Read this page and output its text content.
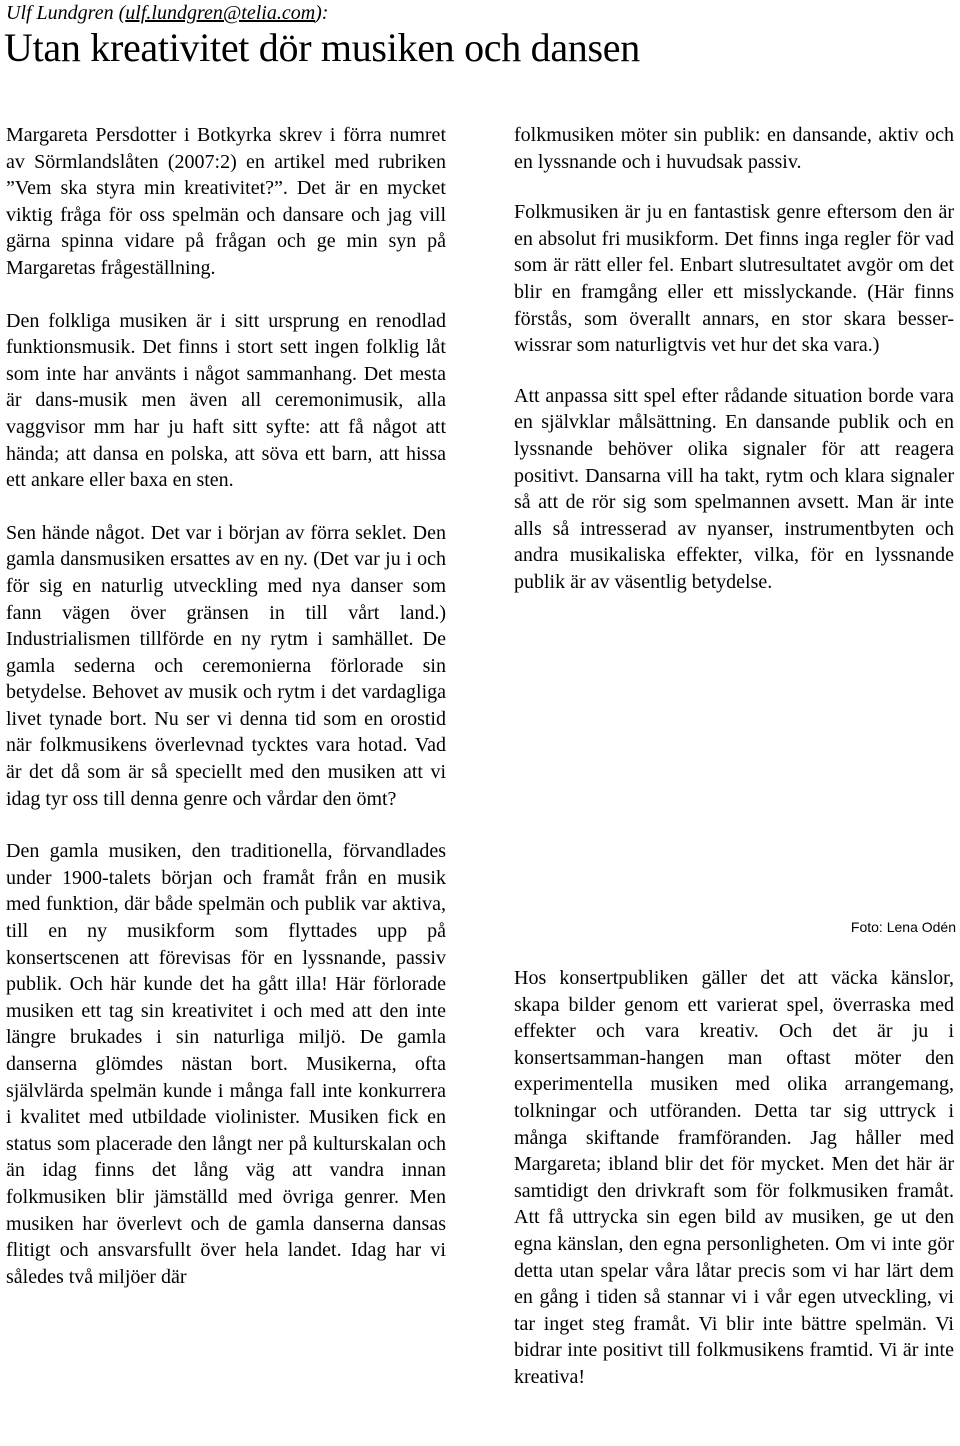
Ulf Lundgren (ulf.lundgren@telia.com):

Utan kreativitet dör musiken och dansen

Margareta Persdotter i Botkyrka skrev i förra numret av Sörmlandslåten (2007:2) en artikel med rubriken ”Vem ska styra min kreativitet?”. Det är en mycket viktig fråga för oss spelmän och dansare och jag vill gärna spinna vidare på frågan och ge min syn på Margaretas frågeställning.

Den folkliga musiken är i sitt ursprung en renodlad funktionsmusik. Det finns i stort sett ingen folklig låt som inte har använts i något sammanhang. Det mesta är dans-musik men även all ceremonimusik, alla vaggvisor mm har ju haft sitt syfte: att få något att hända; att dansa en polska, att söva ett barn, att hissa ett ankare eller baxa en sten.

Sen hände något. Det var i början av förra seklet. Den gamla dansmusiken ersattes av en ny. (Det var ju i och för sig en naturlig utveckling med nya danser som fann vägen över gränsen in till vårt land.) Industrialismen tillförde en ny rytm i samhället. De gamla sederna och ceremonierna förlorade sin betydelse. Behovet av musik och rytm i det vardagliga livet tynade bort. Nu ser vi denna tid som en orostid när folkmusikens överlevnad tycktes vara hotad. Vad är det då som är så speciellt med den musiken att vi idag tyr oss till denna genre och vårdar den ömt?

Den gamla musiken, den traditionella, förvandlades under 1900-talets början och framåt från en musik med funktion, där både spelmän och publik var aktiva, till en ny musikform som flyttades upp på konsertscenen att förevisas för en lyssnande, passiv publik. Och här kunde det ha gått illa! Här förlorade musiken ett tag sin kreativitet i och med att den inte längre brukades i sin naturliga miljö. De gamla danserna glömdes nästan bort. Musikerna, ofta självlärda spelmän kunde i många fall inte konkurrera i kvalitet med utbildade violinister. Musiken fick en status som placerade den långt ner på kulturskalan och än idag finns det lång väg att vandra innan folkmusiken blir jämställd med övriga genrer. Men musiken har överlevt och de gamla danserna dansas flitigt och ansvarsfullt över hela landet. Idag har vi således två miljöer där

folkmusiken möter sin publik: en dansande, aktiv och en lyssnande och i huvudsak passiv.

Folkmusiken är ju en fantastisk genre eftersom den är en absolut fri musikform. Det finns inga regler för vad som är rätt eller fel. Enbart slutresultatet avgör om det blir en framgång eller ett misslyckande. (Här finns förstås, som överallt annars, en stor skara besser-wissrar som naturligtvis vet hur det ska vara.)

Att anpassa sitt spel efter rådande situation borde vara en självklar målsättning. En dansande publik och en lyssnande behöver olika signaler för att reagera positivt. Dansarna vill ha takt, rytm och klara signaler så att de rör sig som spelmannen avsett. Man är inte alls så intresserad av nyanser, instrumentbyten och andra musikaliska effekter, vilka, för en lyssnande publik är av väsentlig betydelse.

Foto: Lena Odén

Hos konsertpubliken gäller det att väcka känslor, skapa bilder genom ett varierat spel, överraska med effekter och vara kreativ. Och det är ju i konsertsamman-hangen man oftast möter den experimentella musiken med olika arrangemang, tolkningar och utföranden. Detta tar sig uttryck i många skiftande framföranden. Jag håller med Margareta; ibland blir det för mycket. Men det här är samtidigt den drivkraft som för folkmusiken framåt. Att få uttrycka sin egen bild av musiken, ge ut den egna känslan, den egna personligheten. Om vi inte gör detta utan spelar våra låtar precis som vi har lärt dem en gång i tiden så stannar vi i vår egen utveckling, vi tar inget steg framåt. Vi blir inte bättre spelmän. Vi bidrar inte positivt till folkmusikens framtid. Vi är inte kreativa!
